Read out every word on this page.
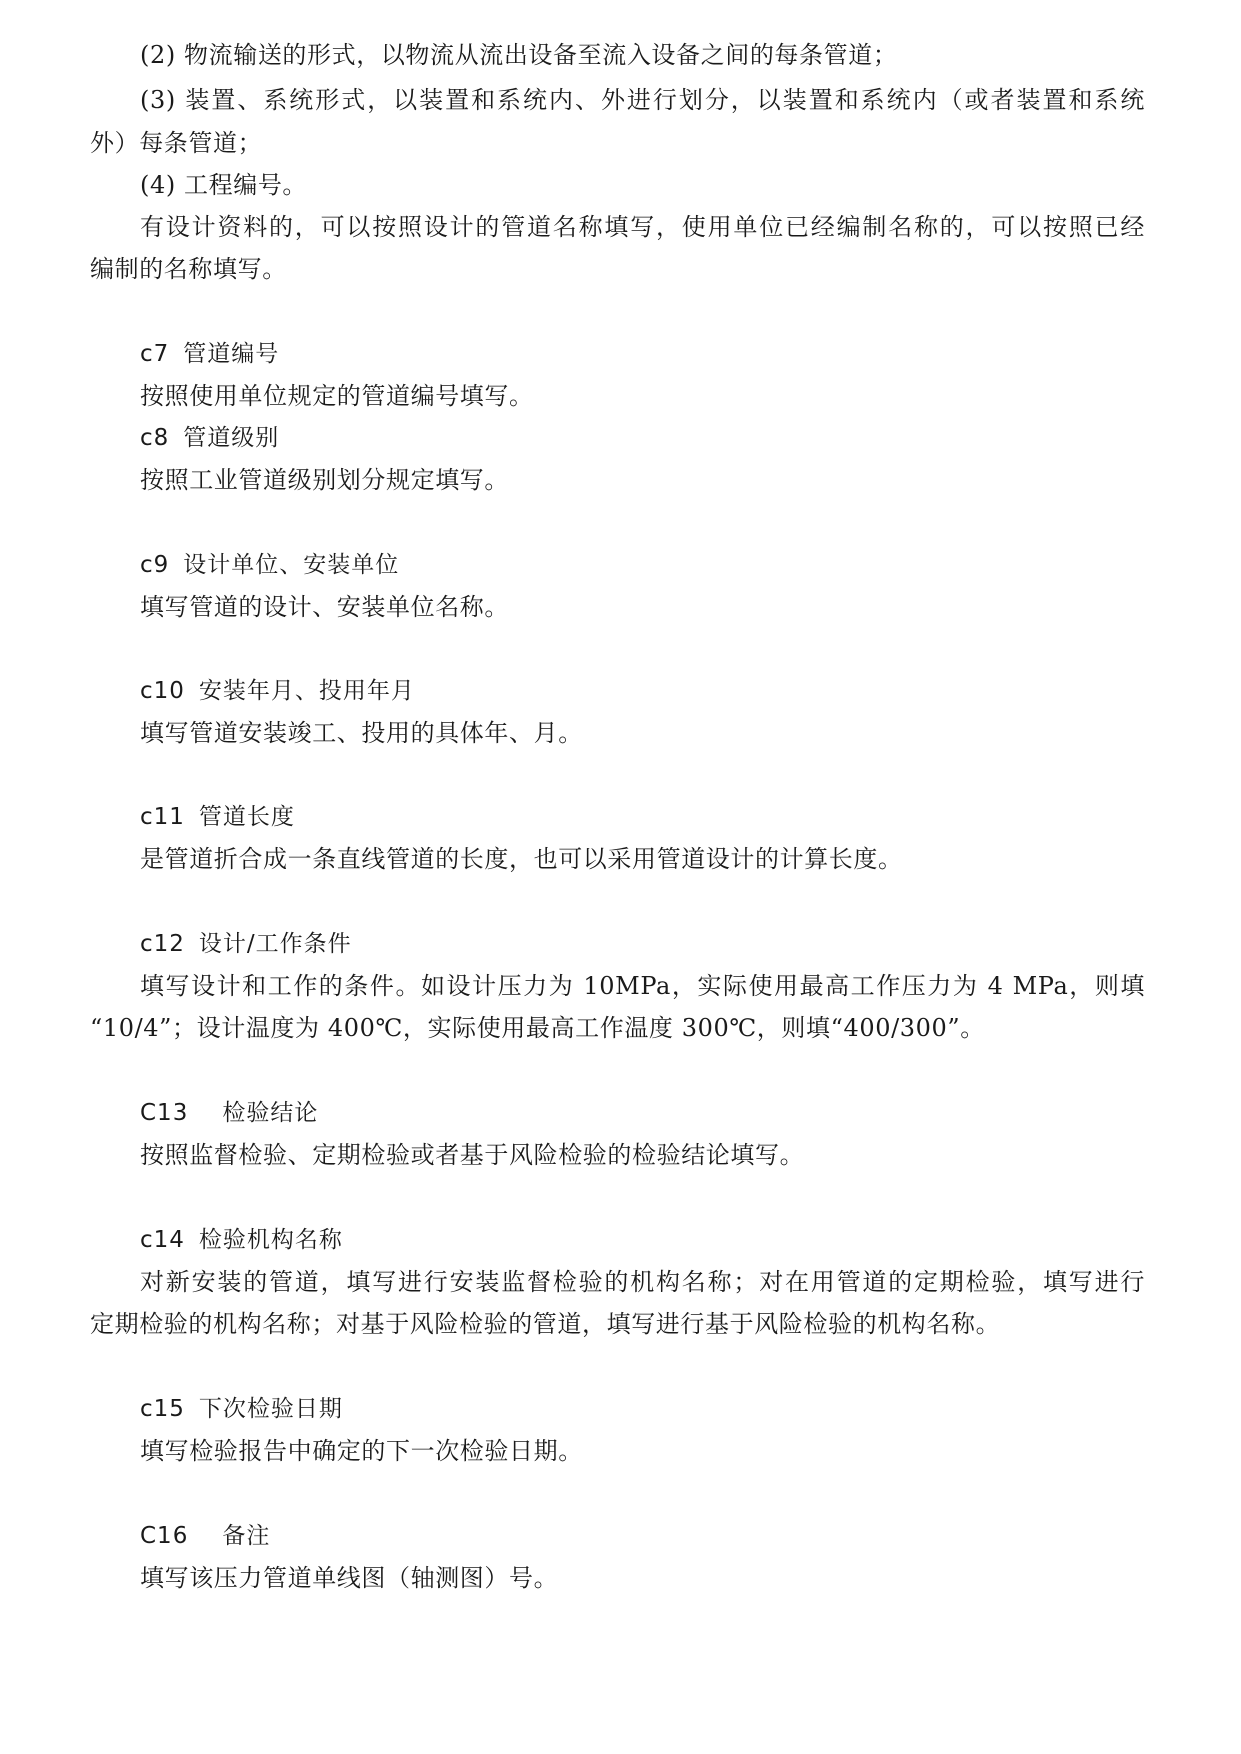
(2) 物流输送的形式，以物流从流出设备至流入设备之间的每条管道；
(3) 装置、系统形式，以装置和系统内、外进行划分，以装置和系统内（或者装置和系统
外）每条管道；
(4) 工程编号。
有设计资料的，可以按照设计的管道名称填写，使用单位已经编制名称的，可以按照已经
编制的名称填写。
c7 管道编号
按照使用单位规定的管道编号填写。
c8 管道级别
按照工业管道级别划分规定填写。
c9 设计单位、安装单位
填写管道的设计、安装单位名称。
c10 安装年月、投用年月
填写管道安装竣工、投用的具体年、月。
c11 管道长度
是管道折合成一条直线管道的长度，也可以采用管道设计的计算长度。
c12 设计/工作条件
填写设计和工作的条件。如设计压力为 10MPa，实际使用最高工作压力为 4 MPa，则填
“10/4”；设计温度为 400℃，实际使用最高工作温度 300℃，则填“400/300”。
C13 检验结论
按照监督检验、定期检验或者基于风险检验的检验结论填写。
c14 检验机构名称
对新安装的管道，填写进行安装监督检验的机构名称；对在用管道的定期检验，填写进行
定期检验的机构名称；对基于风险检验的管道，填写进行基于风险检验的机构名称。
c15 下次检验日期
填写检验报告中确定的下一次检验日期。
C16 备注
填写该压力管道单线图（轴测图）号。
